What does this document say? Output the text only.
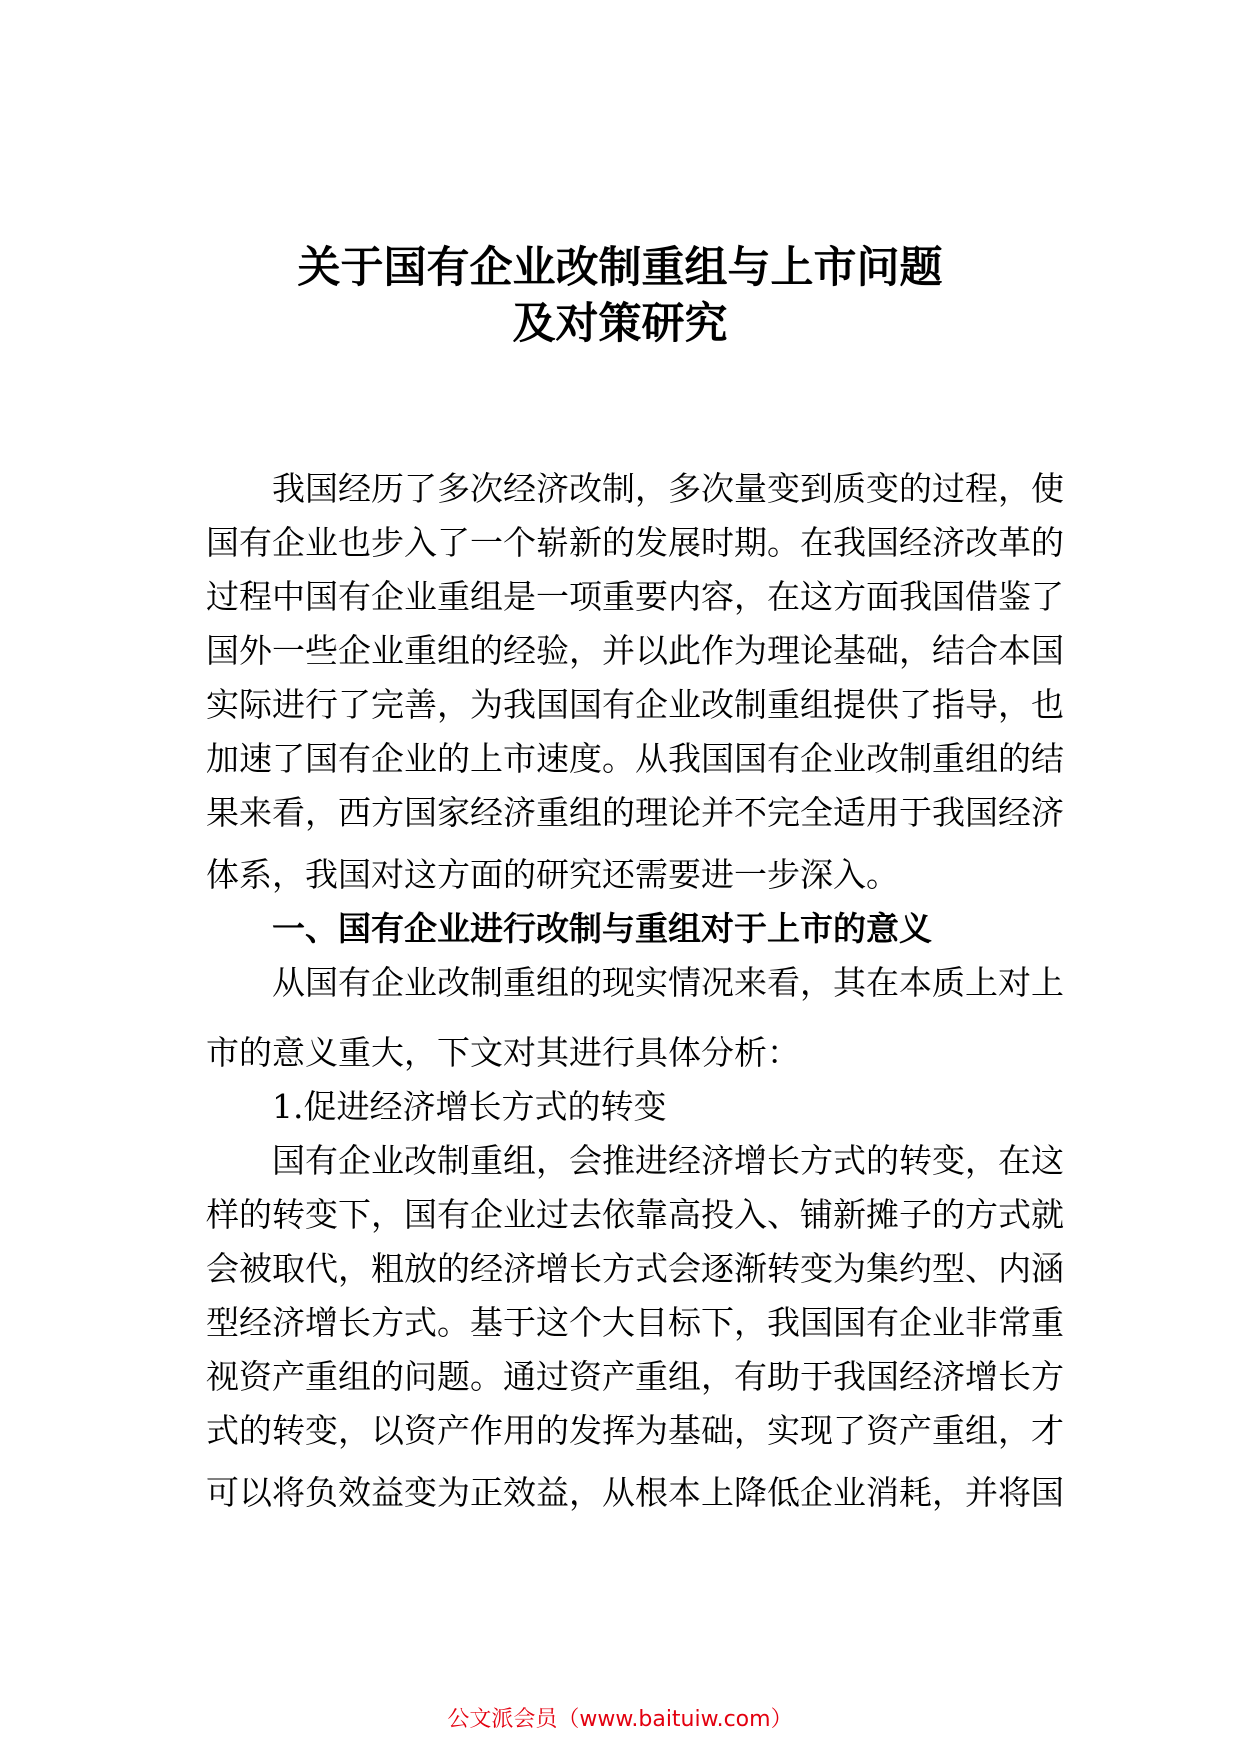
关于国有企业改制重组与上市问题
及对策研究
我国经历了多次经济改制，多次量变到质变的过程，使
国有企业也步入了一个崭新的发展时期。在我国经济改革的
过程中国有企业重组是一项重要内容，在这方面我国借鉴了
国外一些企业重组的经验，并以此作为理论基础，结合本国
实际进行了完善，为我国国有企业改制重组提供了指导，也
加速了国有企业的上市速度。从我国国有企业改制重组的结
果来看，西方国家经济重组的理论并不完全适用于我国经济
体系，我国对这方面的研究还需要进一步深入。
一、国有企业进行改制与重组对于上市的意义
从国有企业改制重组的现实情况来看，其在本质上对上
市的意义重大，下文对其进行具体分析：
1.促进经济增长方式的转变
国有企业改制重组，会推进经济增长方式的转变，在这
样的转变下，国有企业过去依靠高投入、铺新摊子的方式就
会被取代，粗放的经济增长方式会逐渐转变为集约型、内涵
型经济增长方式。基于这个大目标下，我国国有企业非常重
视资产重组的问题。通过资产重组，有助于我国经济增长方
式的转变，以资产作用的发挥为基础，实现了资产重组，才
可以将负效益变为正效益，从根本上降低企业消耗，并将国
公文派会员（www.baituiw.com）
